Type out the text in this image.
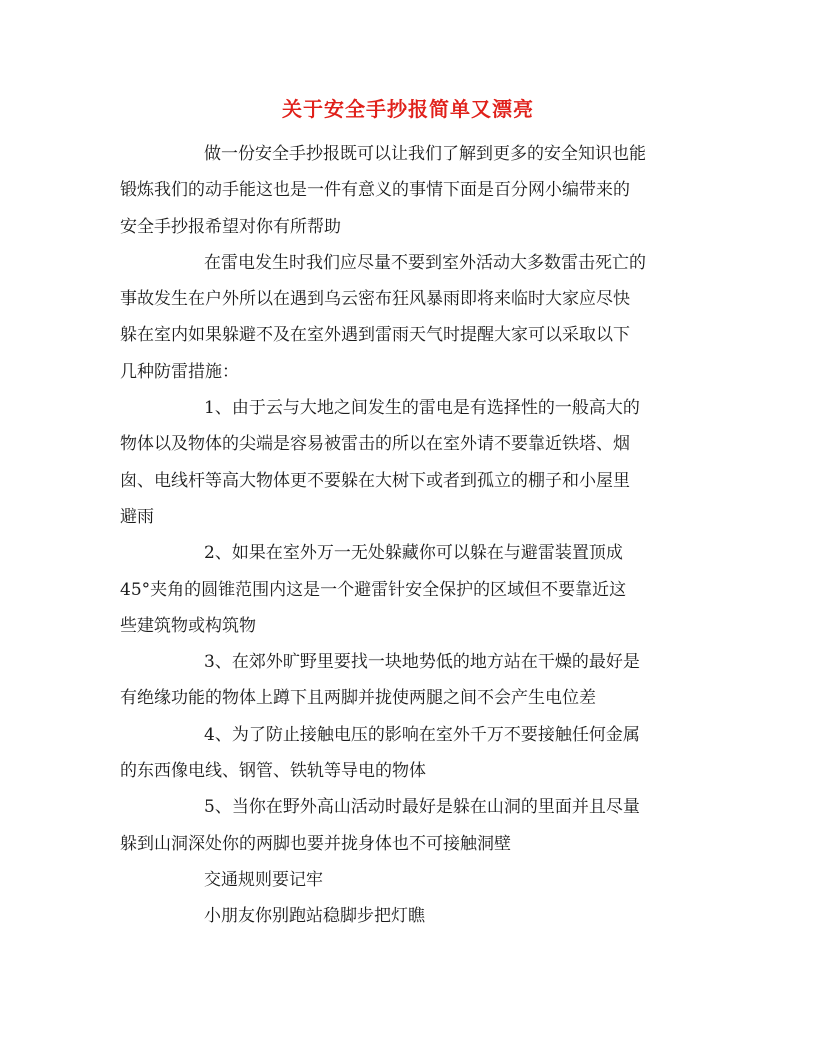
关于安全手抄报简单又漂亮
做一份安全手抄报既可以让我们了解到更多的安全知识也能
锻炼我们的动手能这也是一件有意义的事情下面是百分网小编带来的
安全手抄报希望对你有所帮助
在雷电发生时我们应尽量不要到室外活动大多数雷击死亡的
事故发生在户外所以在遇到乌云密布狂风暴雨即将来临时大家应尽快
躲在室内如果躲避不及在室外遇到雷雨天气时提醒大家可以采取以下
几种防雷措施：
1、由于云与大地之间发生的雷电是有选择性的一般高大的
物体以及物体的尖端是容易被雷击的所以在室外请不要靠近铁塔、烟
囱、电线杆等高大物体更不要躲在大树下或者到孤立的棚子和小屋里
避雨
2、如果在室外万一无处躲藏你可以躲在与避雷装置顶成
45°夹角的圆锥范围内这是一个避雷针安全保护的区域但不要靠近这
些建筑物或构筑物
3、在郊外旷野里要找一块地势低的地方站在干燥的最好是
有绝缘功能的物体上蹲下且两脚并拢使两腿之间不会产生电位差
4、为了防止接触电压的影响在室外千万不要接触任何金属
的东西像电线、钢管、铁轨等导电的物体
5、当你在野外高山活动时最好是躲在山洞的里面并且尽量
躲到山洞深处你的两脚也要并拢身体也不可接触洞壁
交通规则要记牢
小朋友你别跑站稳脚步把灯瞧
